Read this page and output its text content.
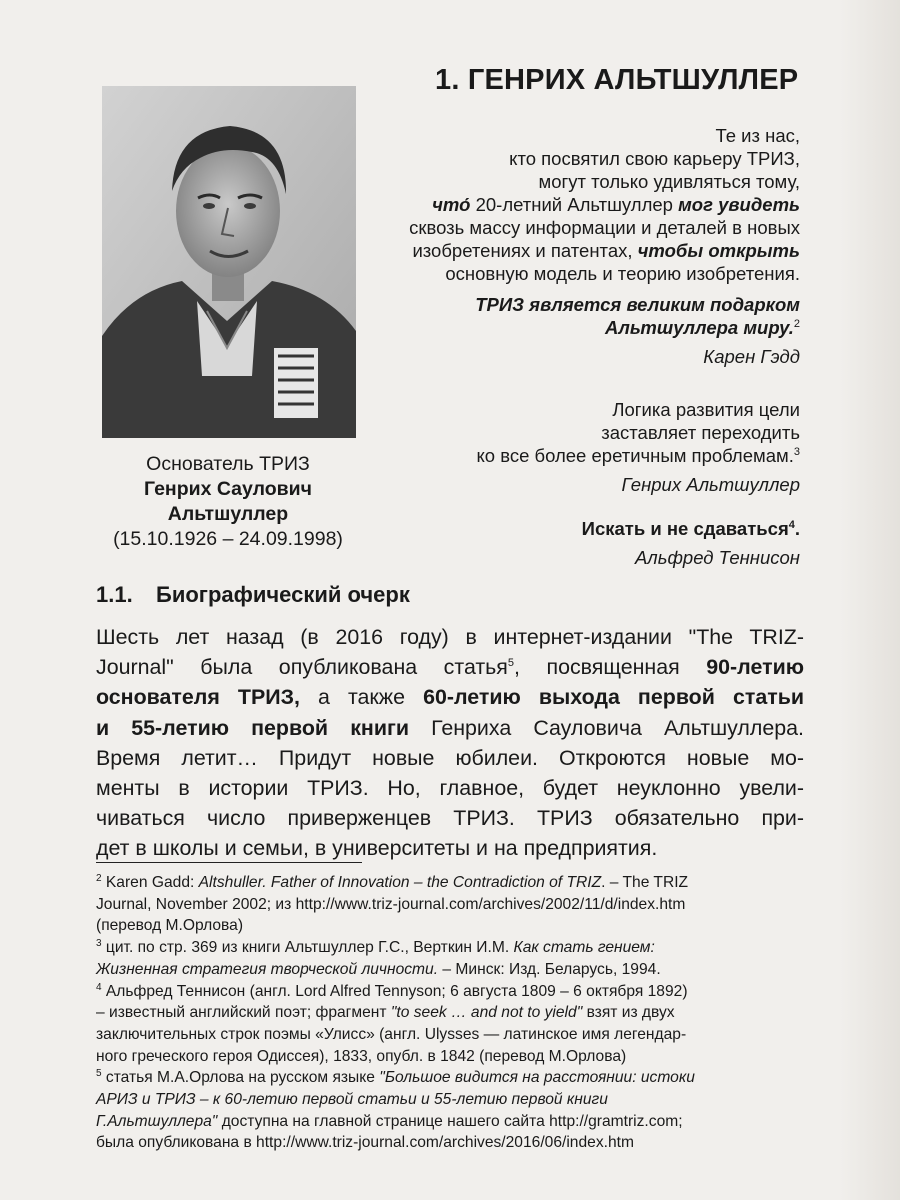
Основатель ТРИЗ
Генрих Саулович
Альтшуллер
(15.10.1926 – 24.09.1998)
1. ГЕНРИХ АЛЬТШУЛЛЕР
Те из нас,
кто посвятил свою карьеру ТРИЗ,
могут только удивляться тому,
что́ 20-летний Альтшуллер мог увидеть
сквозь массу информации и деталей в новых
изобретениях и патентах, чтобы открыть
основную модель и теорию изобретения.
ТРИЗ является великим подарком
Альтшуллера миру.$^2$
Карен Гэдд
Логика развития цели
заставляет переходить
ко все более еретичным проблемам.$^3$
Генрих Альтшуллер
Искать и не сдаваться$^4$.
Альфред Теннисон
1.1. Биографический очерк
Шесть лет назад (в 2016 году) в интернет-издании "The TRIZ-
Journal" была опубликована статья$^5$, посвященная 90-летию
основателя ТРИЗ, а также 60-летию выхода первой статьи
и 55-летию первой книги Генриха Сауловича Альтшуллера.
Время летит… Придут новые юбилеи. Откроются новые мо-
менты в истории ТРИЗ. Но, главное, будет неуклонно увели-
чиваться число приверженцев ТРИЗ. ТРИЗ обязательно при-
дет в школы и семьи, в университеты и на предприятия.
$^2$ Karen Gadd: Altshuller. Father of Innovation – the Contradiction of TRIZ. – The TRIZ
Journal, November 2002; из http://www.triz-journal.com/archives/2002/11/d/index.htm
(перевод М.Орлова)
$^3$ цит. по стр. 369 из книги Альтшуллер Г.С., Верткин И.М. Как стать гением:
Жизненная стратегия творческой личности. – Минск: Изд. Беларусь, 1994.
$^4$ Альфред Теннисон (англ. Lord Alfred Tennyson; 6 августа 1809 – 6 октября 1892)
– известный английский поэт; фрагмент "to seek … and not to yield" взят из двух
заключительных строк поэмы «Улисс» (англ. Ulysses — латинское имя легендар-
ного греческого героя Одиссея), 1833, опубл. в 1842 (перевод М.Орлова)
$^5$ статья М.А.Орлова на русском языке "Большое видится на расстоянии: истоки
АРИЗ и ТРИЗ – к 60-летию первой статьи и 55-летию первой книги
Г.Альтшуллера" доступна на главной странице нашего сайта http://gramtriz.com;
была опубликована в http://www.triz-journal.com/archives/2016/06/index.htm
